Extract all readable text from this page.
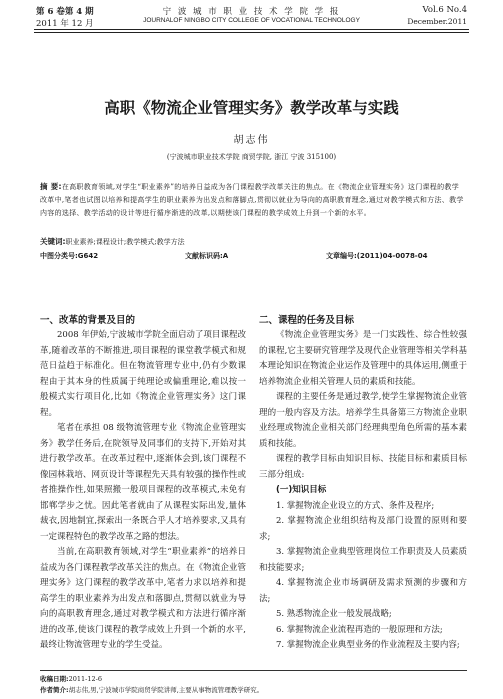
第 6 卷第 4 期
2011 年 12 月
宁 波 城 市 职 业 技 术 学 院 学 报
JOURNALOF NINGBO CITY COLLEGE OF VOCATIONAL TECHNOLOGY
Vol.6 No.4
December.2011
高职《物流企业管理实务》教学改革与实践
胡志伟
(宁波城市职业技术学院 商贸学院, 浙江 宁波 315100)
摘 要:在高职教育领域,对学生“职业素养”的培养日益成为各门课程教学改革关注的焦点。在《物流企业管理实务》这门课程的教学改革中,笔者也试图以培养和提高学生的职业素养为出发点和落脚点,贯彻以就业为导向的高职教育理念,通过对教学模式和方法、教学内容的选择、教学活动的设计等进行循序渐进的改革,以期使该门课程的教学成效上升到一个新的水平。
关键词:职业素养;课程设计;教学模式;教学方法
中图分类号:G642	文献标识码:A	文章编号:(2011)04-0078-04
一、改革的背景及目的

2008 年伊始,宁波城市学院全面启动了项目课程改革,随着改革的不断推进,项目课程的课堂教学模式和规范日益趋于标准化。但在物流管理专业中,仍有少数课程由于其本身的性质属于纯理论或偏重理论,难以按一般模式实行项目化,比如《物流企业管理实务》这门课程。

笔者在承担 08 级物流管理专业《物流企业管理实务》教学任务后,在院领导及同事们的支持下,开始对其进行教学改革。在改革过程中,逐渐体会到,该门课程不像园林栽培、网页设计等课程先天具有较强的操作性或者推操作性,如果照搬一般项目课程的改革模式,未免有邯郸学步之忧。因此笔者就由了从课程实际出发,量体裁衣,因地制宜,探索出一条既合乎人才培养要求,又具有一定课程特色的教学改革之路的想法。

当前,在高职教育领域,对学生“职业素养”的培养日益成为各门课程教学改革关注的焦点。在《物流企业管理实务》这门课程的教学改革中,笔者力求以培养和提高学生的职业素养为出发点和落脚点,贯彻以就业为导向的高职教育理念,通过对教学模式和方法进行循序渐进的改革,使该门课程的教学成效上升到一个新的水平,最终让物流管理专业的学生受益。

二、课程的任务及目标

《物流企业管理实务》是一门实践性、综合性较强的课程,它主要研究管理学及现代企业管理等相关学科基本理论知识在物流企业运作及管理中的具体运用,侧重于培养物流企业相关管理人员的素质和技能。

课程的主要任务是通过教学,使学生掌握物流企业管理的一般内容及方法。培养学生具备第三方物流企业职业经理或物流企业相关部门经理典型角色所需的基本素质和技能。

课程的教学目标由知识目标、技能目标和素质目标三部分组成:

(一)知识目标

1. 掌握物流企业设立的方式、条件及程序;

2. 掌握物流企业组织结构及部门设置的原则和要求;

3. 掌握物流企业典型管理岗位工作职责及人员素质和技能要求;

4. 掌握物流企业市场调研及需求预测的步骤和方法;

5. 熟悉物流企业一般发展战略;

6. 掌握物流企业流程再造的一般原理和方法;

7. 掌握物流企业典型业务的作业流程及主要内容;

收稿日期:2011-12-6
作者简介:胡志伟,男,宁波城市学院商贸学院讲师,主要从事物流管理教学研究。
